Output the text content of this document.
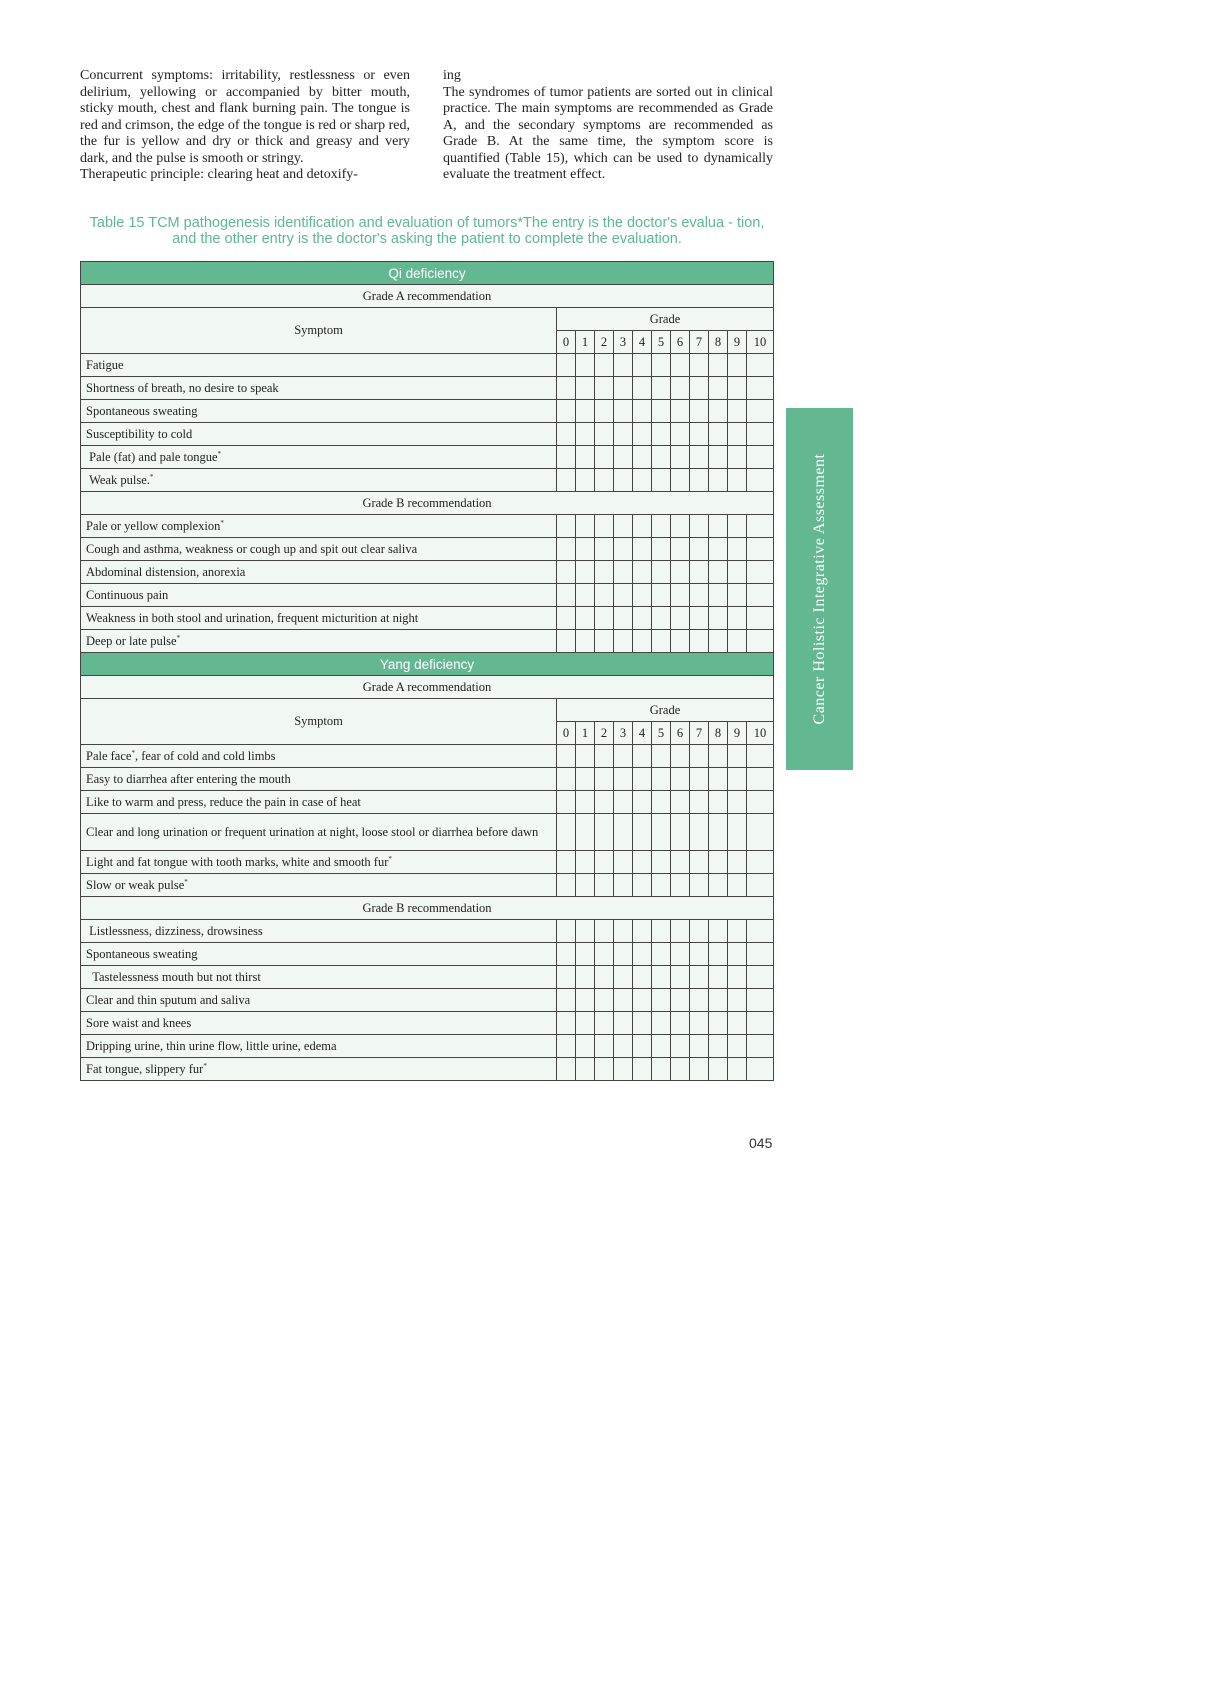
Concurrent symptoms: irritability, restlessness or even delirium, yellowing or accompanied by bitter mouth, sticky mouth, chest and flank burning pain. The tongue is red and crimson, the edge of the tongue is red or sharp red, the fur is yellow and dry or thick and greasy and very dark, and the pulse is smooth or stringy.

Therapeutic principle: clearing heat and detoxify-

ing

The syndromes of tumor patients are sorted out in clinical practice. The main symptoms are recommended as Grade A, and the secondary symptoms are recommended as Grade B. At the same time, the symptom score is quantified (Table 15), which can be used to dynamically evaluate the treatment effect.

Table 15 TCM pathogenesis identification and evaluation of tumors*The entry is the doctor's evalua - tion, and the other entry is the doctor's asking the patient to complete the evaluation.
Qi deficiency											
Grade A recommendation											
Symptom	Grade										
	0	1	2	3	4	5	6	7	8	9	10
Fatigue											
Shortness of breath, no desire to speak											
Spontaneous sweating											
Susceptibility to cold											
Pale (fat) and pale tongue*											
Weak pulse.*											
Grade B recommendation											
Pale or yellow complexion*											
Cough and asthma, weakness or cough up and spit out clear saliva											
Abdominal distension, anorexia											
Continuous pain											
Weakness in both stool and urination, frequent micturition at night											
Deep or late pulse*											
Yang deficiency											
Grade A recommendation											
Symptom	Grade										
	0	1	2	3	4	5	6	7	8	9	10
Pale face*, fear of cold and cold limbs											
Easy to diarrhea after entering the mouth											
Like to warm and press, reduce the pain in case of heat											
Clear and long urination or frequent urination at night, loose stool or diarrhea before dawn											
Light and fat tongue with tooth marks, white and smooth fur*											
Slow or weak pulse*											
Grade B recommendation											
Listlessness, dizziness, drowsiness											
Spontaneous sweating											
Tastelessness mouth but not thirst											
Clear and thin sputum and saliva											
Sore waist and knees											
Dripping urine, thin urine flow, little urine, edema											
Fat tongue, slippery fur*											
Cancer Holistic Integrative Assessment
045
